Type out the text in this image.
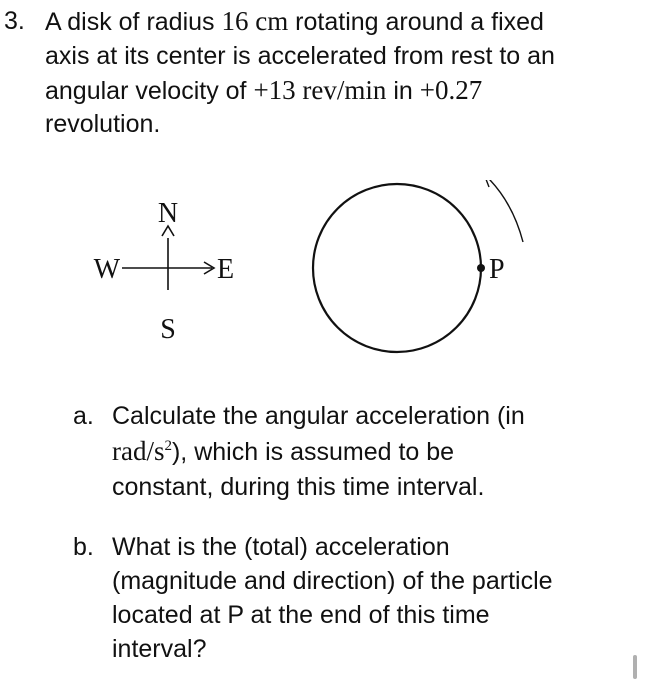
3. A disk of radius 16 cm rotating around a fixed
axis at its center is accelerated from rest to an
angular velocity of +13 rev/min in +0.27
revolution.
N
S
E
W	P
a. Calculate the angular acceleration (in
rad/$s^2$), which is assumed to be
constant, during this time interval.
b. What is the (total) acceleration
(magnitude and direction) of the particle
located at P at the end of this time
interval?
